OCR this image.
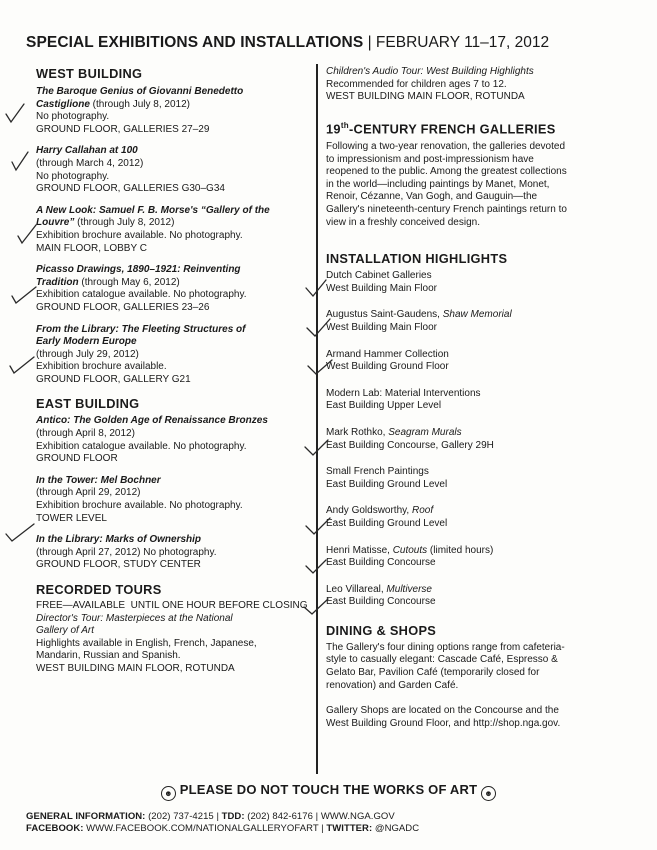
SPECIAL EXHIBITIONS AND INSTALLATIONS | FEBRUARY 11–17, 2012
WEST BUILDING
The Baroque Genius of Giovanni Benedetto
Castiglione (through July 8, 2012)
No photography.
GROUND FLOOR, GALLERIES 27–29
Harry Callahan at 100
(through March 4, 2012)
No photography.
GROUND FLOOR, GALLERIES G30–G34
A New Look: Samuel F. B. Morse's “Gallery of the
Louvre” (through July 8, 2012)
Exhibition brochure available. No photography.
MAIN FLOOR, LOBBY C
Picasso Drawings, 1890–1921: Reinventing
Tradition (through May 6, 2012)
Exhibition catalogue available. No photography.
GROUND FLOOR, GALLERIES 23–26
From the Library: The Fleeting Structures of
Early Modern Europe
(through July 29, 2012)
Exhibition brochure available.
GROUND FLOOR, GALLERY G21
EAST BUILDING
Antico: The Golden Age of Renaissance Bronzes
(through April 8, 2012)
Exhibition catalogue available. No photography.
GROUND FLOOR
In the Tower: Mel Bochner
(through April 29, 2012)
Exhibition brochure available. No photography.
TOWER LEVEL
In the Library: Marks of Ownership
(through April 27, 2012) No photography.
GROUND FLOOR, STUDY CENTER
RECORDED TOURS
FREE—AVAILABLE  UNTIL ONE HOUR BEFORE CLOSING
Director's Tour: Masterpieces at the National
Gallery of Art
Highlights available in English, French, Japanese,
Mandarin, Russian and Spanish.
WEST BUILDING MAIN FLOOR, ROTUNDA
Children's Audio Tour: West Building Highlights
Recommended for children ages 7 to 12.
WEST BUILDING MAIN FLOOR, ROTUNDA
19th-CENTURY FRENCH GALLERIES
Following a two-year renovation, the galleries devoted
to impressionism and post-impressionism have
reopened to the public. Among the greatest collections
in the world—including paintings by Manet, Monet,
Renoir, Cézanne, Van Gogh, and Gauguin—the
Gallery's nineteenth-century French paintings return to
view in a freshly conceived design.
INSTALLATION HIGHLIGHTS
Dutch Cabinet Galleries
West Building Main Floor
Augustus Saint-Gaudens, Shaw Memorial
West Building Main Floor
Armand Hammer Collection
West Building Ground Floor
Modern Lab: Material Interventions
East Building Upper Level
Mark Rothko, Seagram Murals
East Building Concourse, Gallery 29H
Small French Paintings
East Building Ground Level
Andy Goldsworthy, Roof
East Building Ground Level
Henri Matisse, Cutouts (limited hours)
East Building Concourse
Leo Villareal, Multiverse
East Building Concourse
DINING & SHOPS
The Gallery's four dining options range from cafeteria-
style to casually elegant: Cascade Café, Espresso &
Gelato Bar, Pavilion Café (temporarily closed for
renovation) and Garden Café.
Gallery Shops are located on the Concourse and the
West Building Ground Floor, and http://shop.nga.gov.
☻ PLEASE DO NOT TOUCH THE WORKS OF ART ☻
GENERAL INFORMATION: (202) 737-4215 | TDD: (202) 842-6176 | WWW.NGA.GOV
FACEBOOK: WWW.FACEBOOK.COM/NATIONALGALLERYOFART | TWITTER: @NGADC
